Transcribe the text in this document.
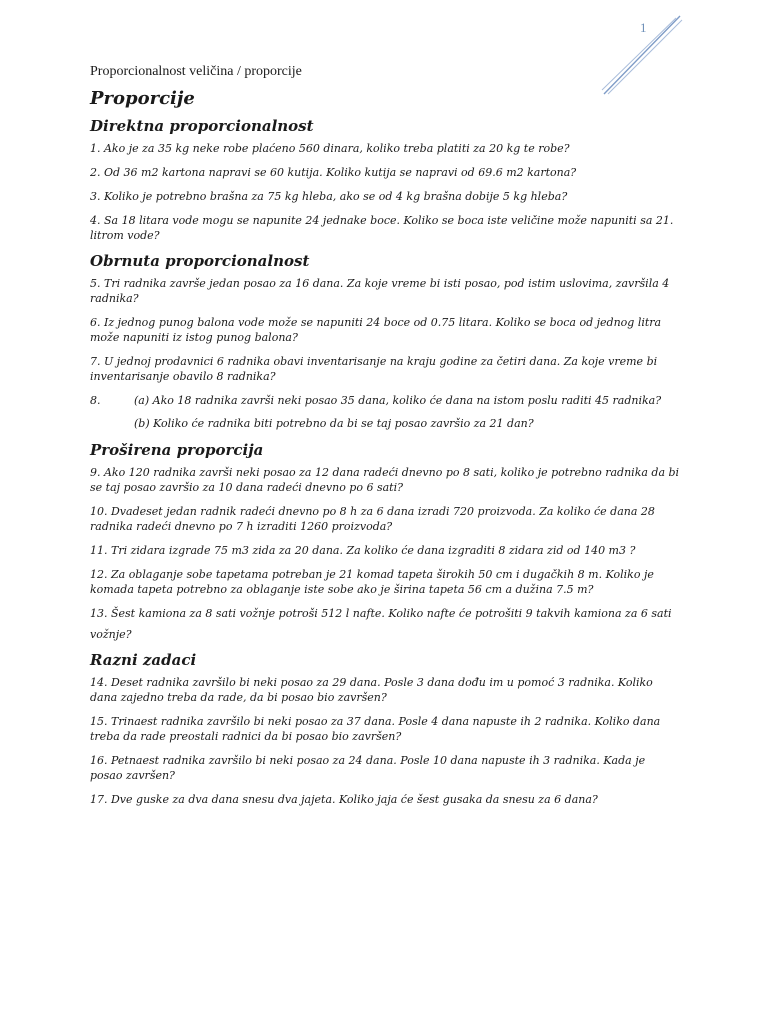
1
Proporcionalnost veličina / proporcije
Proporcije
Direktna proporcionalnost
1. Ako je za 35 kg neke robe plaćeno 560 dinara, koliko treba platiti za 20 kg te robe?
2. Od 36 m2 kartona napravi se 60 kutija. Koliko kutija se napravi od 69.6 m2 kartona?
3. Koliko je potrebno brašna za 75 kg hleba, ako se od 4 kg brašna dobije 5 kg hleba?
4. Sa 18 litara vode mogu se napunite 24 jednake boce. Koliko se boca iste veličine može napuniti sa 21. litrom vode?
Obrnuta proporcionalnost
5. Tri radnika završe jedan posao za 16 dana. Za koje vreme bi isti posao, pod istim uslovima, završila 4 radnika?
6. Iz jednog punog balona vode može se napuniti 24 boce od 0.75 litara. Koliko se boca od jednog litra može napuniti iz istog punog balona?
7. U jednoj prodavnici 6 radnika obavi inventarisanje na kraju godine za četiri dana. Za koje vreme bi inventarisanje obavilo 8 radnika?
8.	(a) Ako 18 radnika završi neki posao 35 dana, koliko će dana na istom poslu raditi 45 radnika?
(b) Koliko će radnika biti potrebno da bi se taj posao završio za 21 dan?
Proširena proporcija
9. Ako 120 radnika završi neki posao za 12 dana radeći dnevno po 8 sati, koliko je potrebno radnika da bi se taj posao završio za 10 dana radeći dnevno po 6 sati?
10. Dvadeset jedan radnik radeći dnevno po 8 h za 6 dana izradi 720 proizvoda. Za koliko će dana 28 radnika radeći dnevno po 7 h izraditi 1260 proizvoda?
11. Tri zidara izgrade 75 m3 zida za 20 dana. Za koliko će dana izgraditi 8 zidara zid od 140 m3 ?
12. Za oblaganje sobe tapetama potreban je 21 komad tapeta širokih 50 cm i dugačkih 8 m. Koliko je komada tapeta potrebno za oblaganje iste sobe ako je širina tapeta 56 cm a dužina 7.5 m?
13. Šest kamiona za 8 sati vožnje potroši 512 l nafte. Koliko nafte će potrošiti 9 takvih kamiona za 6 sati
vožnje?
Razni zadaci
14. Deset radnika završilo bi neki posao za 29 dana. Posle 3 dana dođu im u pomoć 3 radnika. Koliko dana zajedno treba da rade, da bi posao bio završen?
15. Trinaest radnika završilo bi neki posao za 37 dana. Posle 4 dana napuste ih 2 radnika. Koliko dana treba da rade preostali radnici da bi posao bio završen?
16. Petnaest radnika završilo bi neki posao za 24 dana. Posle 10 dana napuste ih 3 radnika. Kada je posao završen?
17. Dve guske za dva dana snesu dva jajeta. Koliko jaja će šest gusaka da snesu za 6 dana?
